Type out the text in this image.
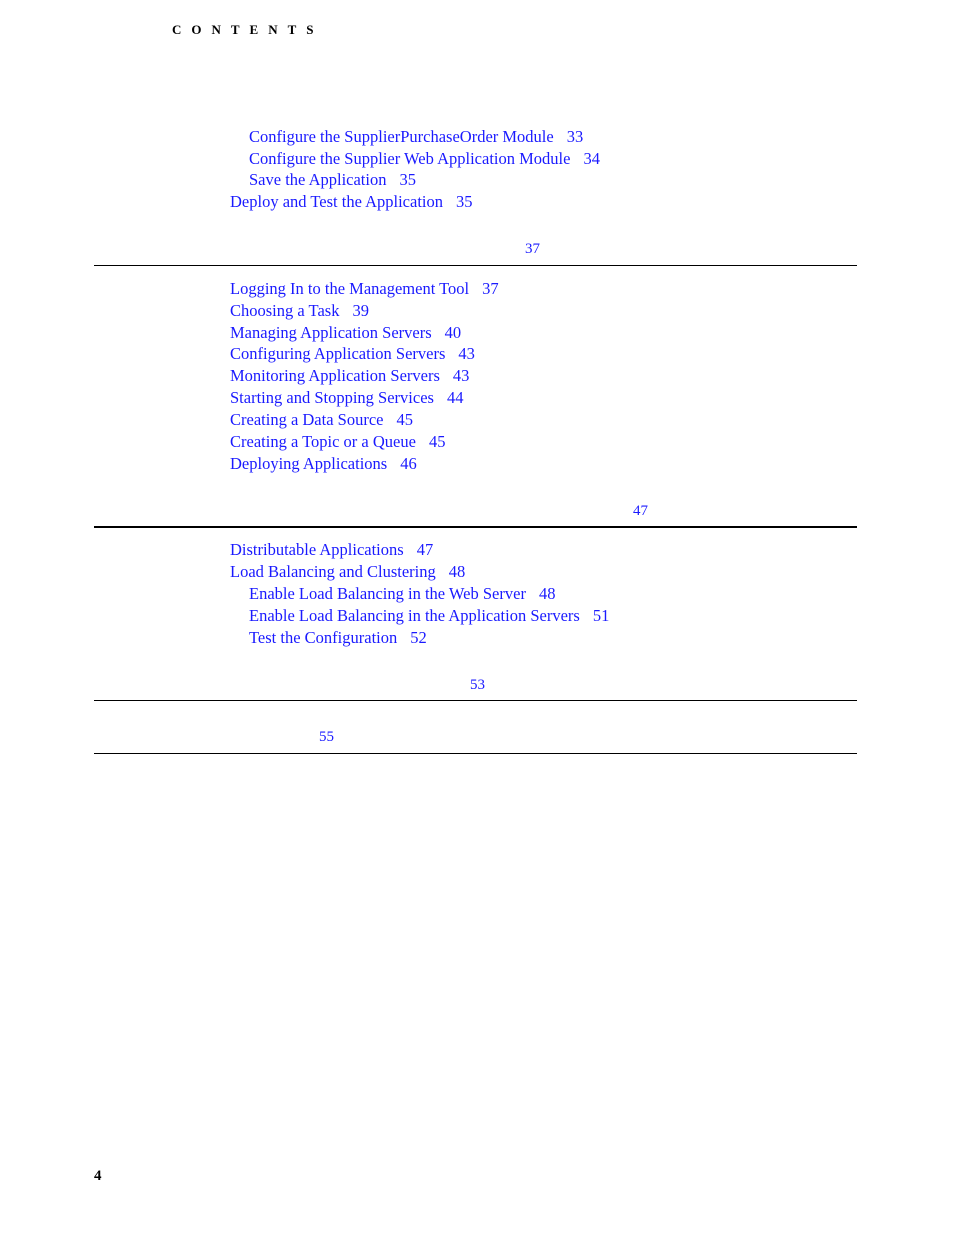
CONTENTS
Configure the SupplierPurchaseOrder Module 33
Configure the Supplier Web Application Module 34
Save the Application 35
Deploy and Test the Application 35
37
Logging In to the Management Tool 37
Choosing a Task 39
Managing Application Servers 40
Configuring Application Servers 43
Monitoring Application Servers 43
Starting and Stopping Services 44
Creating a Data Source 45
Creating a Topic or a Queue 45
Deploying Applications 46
47
Distributable Applications 47
Load Balancing and Clustering 48
Enable Load Balancing in the Web Server 48
Enable Load Balancing in the Application Servers 51
Test the Configuration 52
53
55
4
